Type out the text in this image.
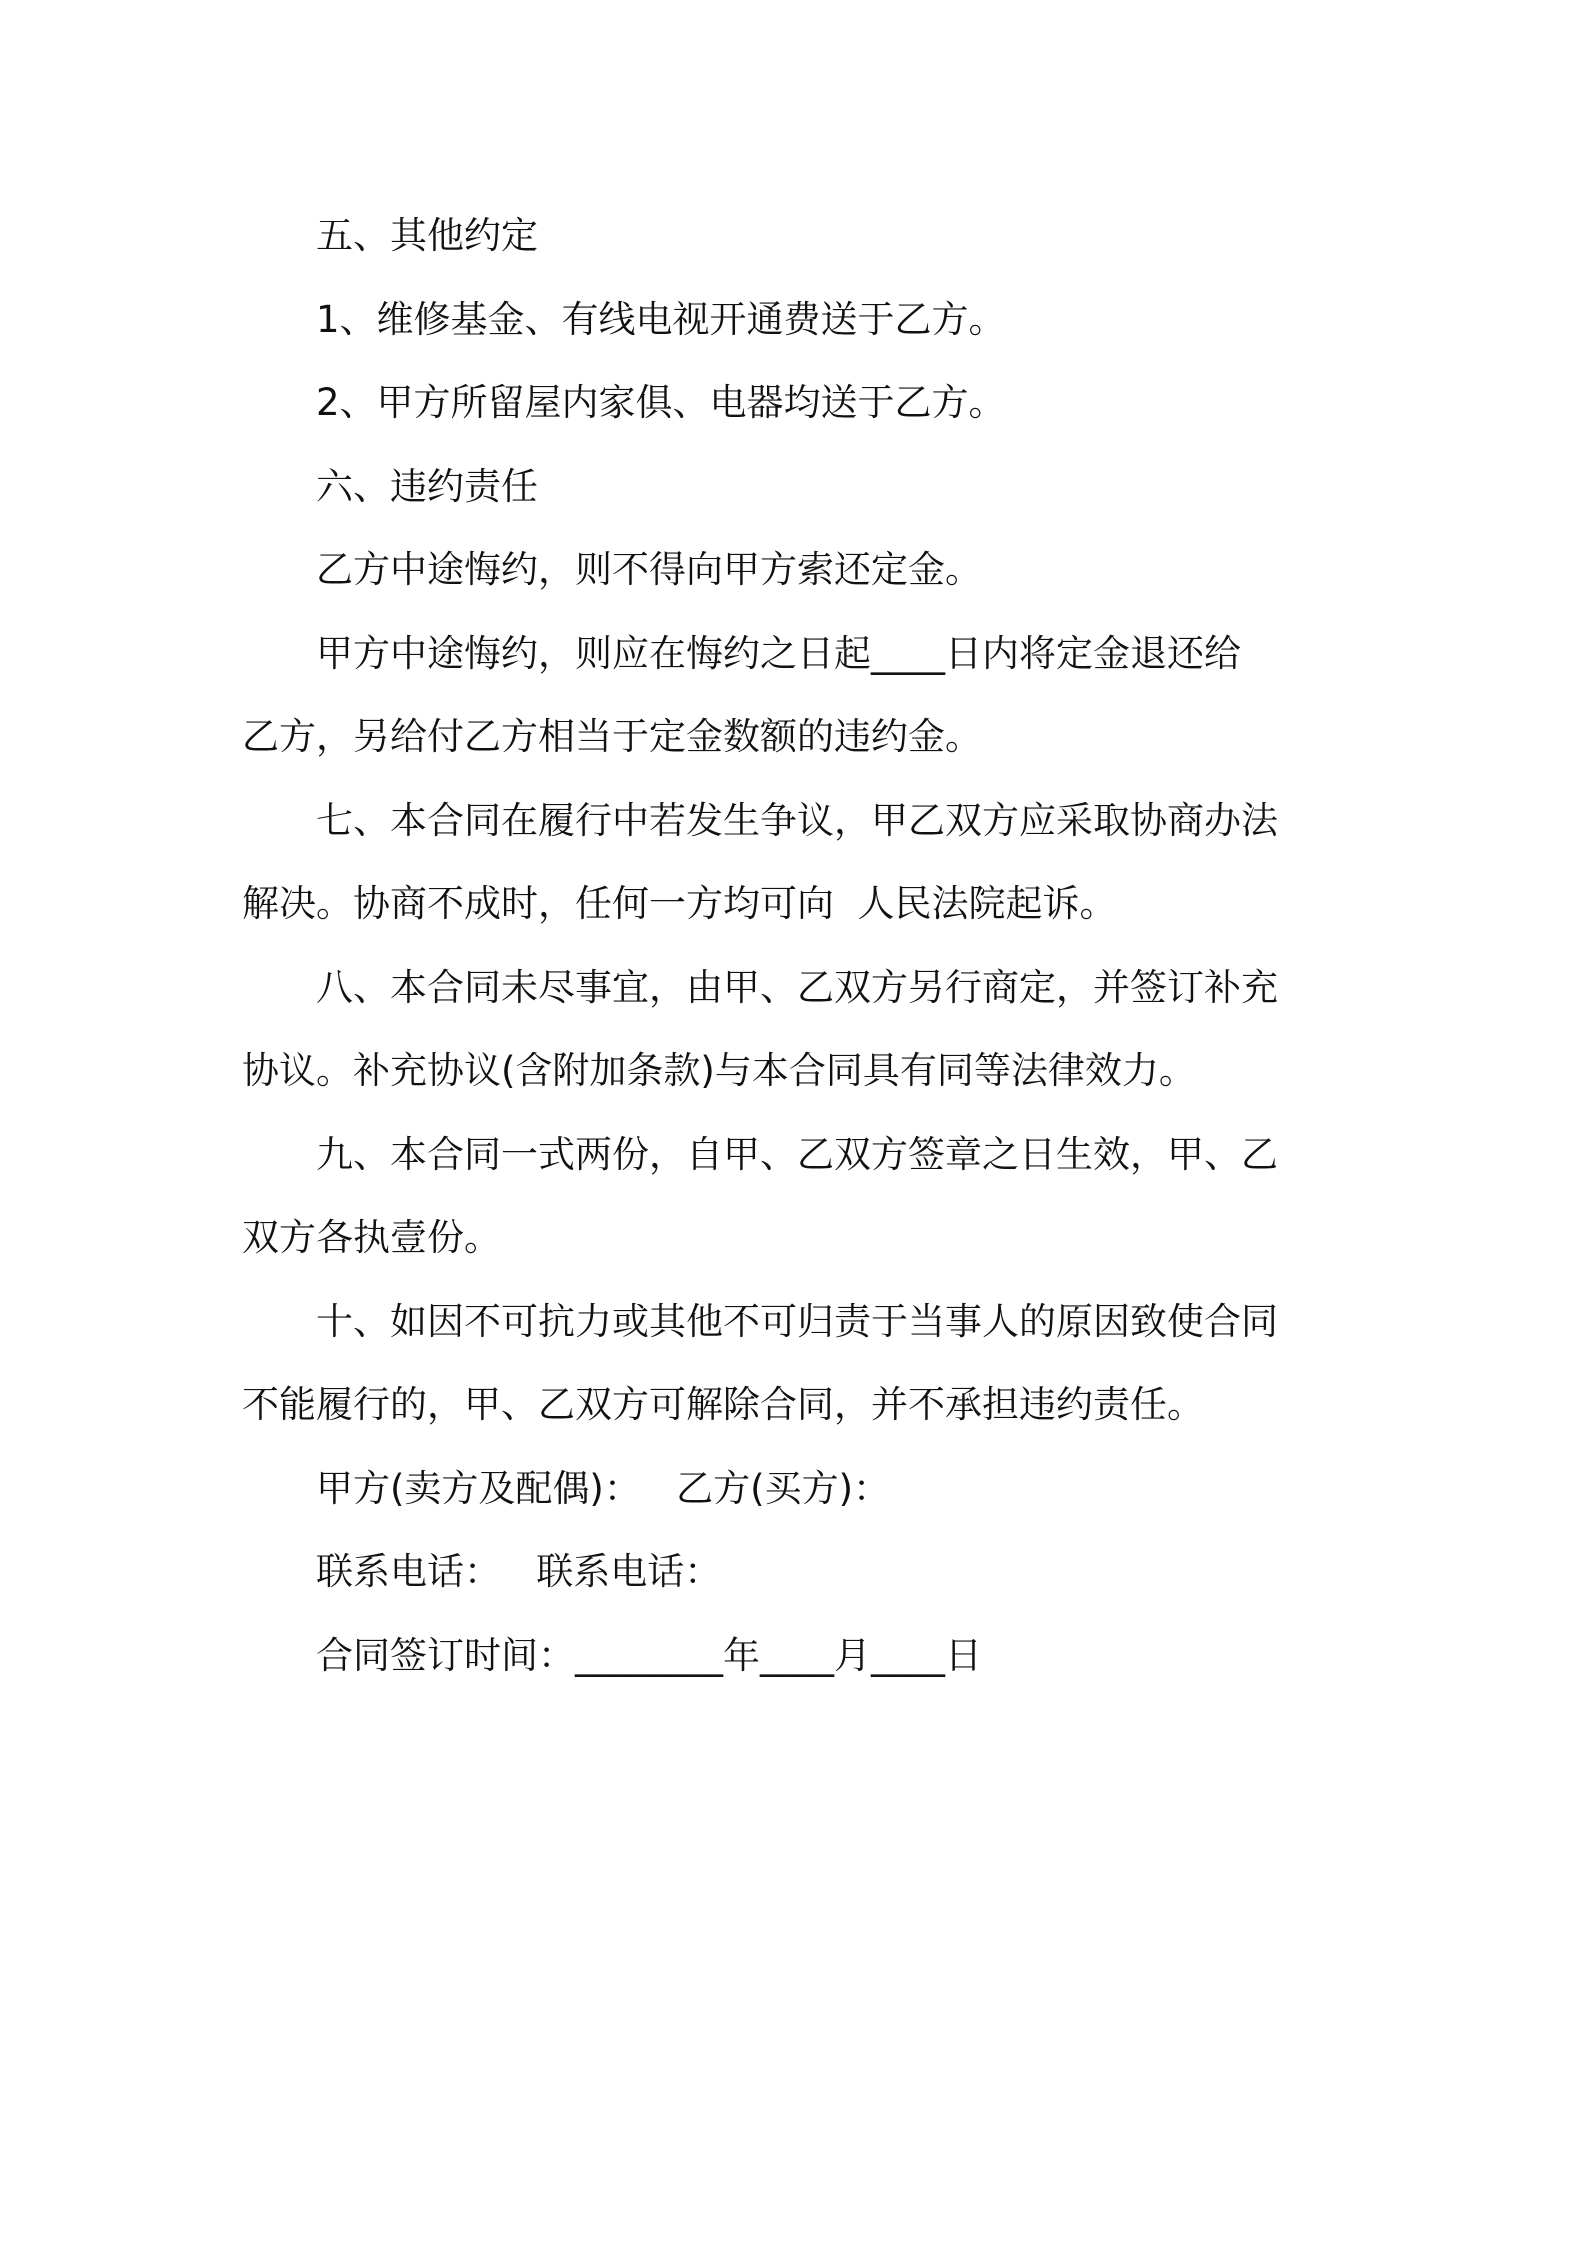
五、其他约定

1、维修基金、有线电视开通费送于乙方。

2、甲方所留屋内家俱、电器均送于乙方。

六、违约责任

乙方中途悔约，则不得向甲方索还定金。

甲方中途悔约，则应在悔约之日起____日内将定金退还给
乙方，另给付乙方相当于定金数额的违约金。

七、本合同在履行中若发生争议，甲乙双方应采取协商办法
解决。协商不成时，任何一方均可向  人民法院起诉。

八、本合同未尽事宜，由甲、乙双方另行商定，并签订补充
协议。补充协议(含附加条款)与本合同具有同等法律效力。

九、本合同一式两份，自甲、乙双方签章之日生效，甲、乙
双方各执壹份。

十、如因不可抗力或其他不可归责于当事人的原因致使合同
不能履行的，甲、乙双方可解除合同，并不承担违约责任。

甲方(卖方及配偶)：   乙方(买方)：

联系电话：   联系电话：

合同签订时间：________年____月____日
